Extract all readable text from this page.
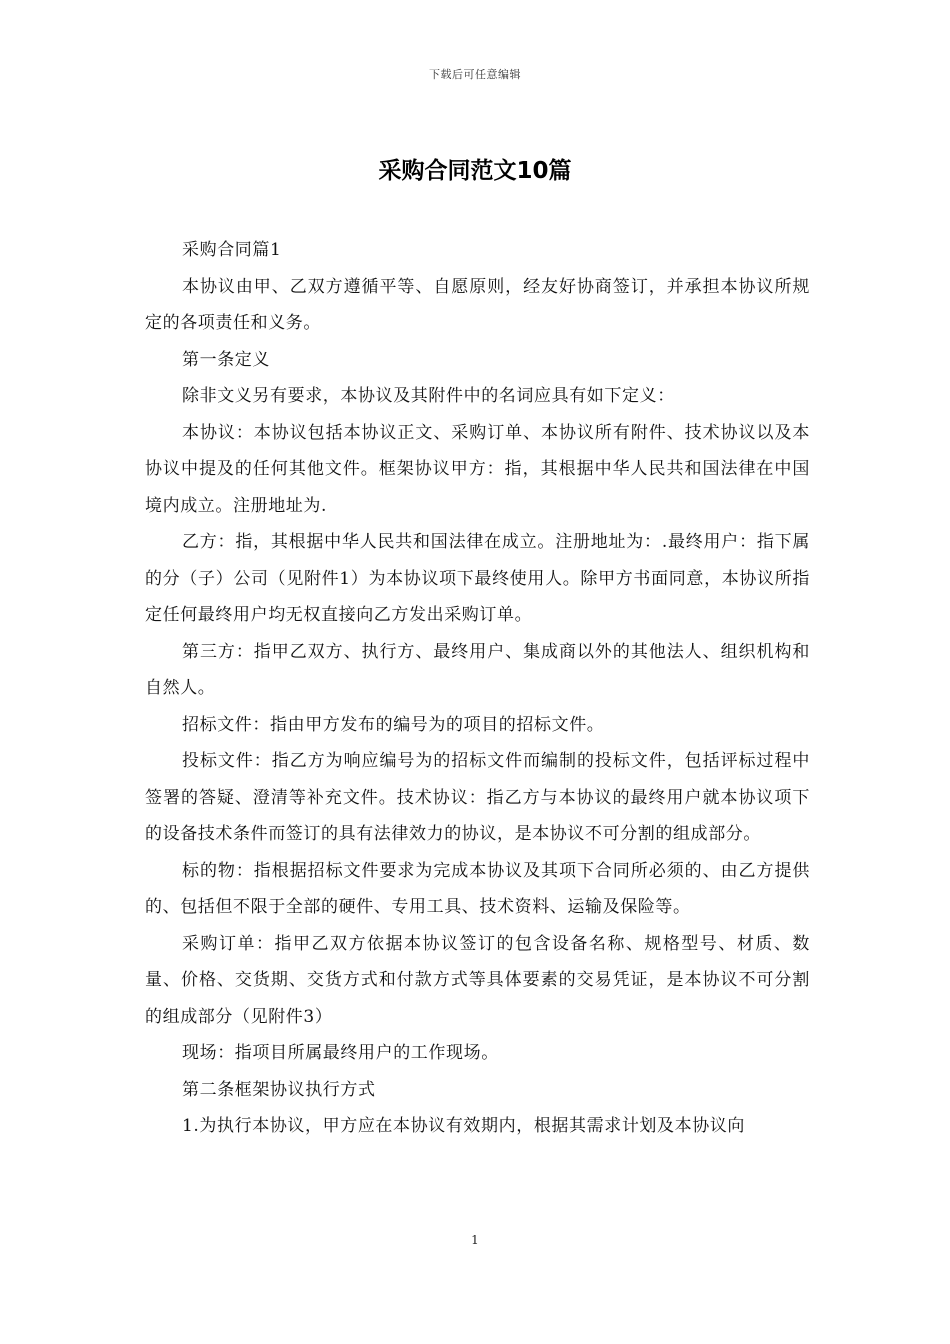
下载后可任意编辑
采购合同范文10篇

采购合同篇1

本协议由甲、乙双方遵循平等、自愿原则，经友好协商签订，并承担本协议所规定的各项责任和义务。

第一条定义

除非文义另有要求，本协议及其附件中的名词应具有如下定义：

本协议：本协议包括本协议正文、采购订单、本协议所有附件、技术协议以及本协议中提及的任何其他文件。框架协议甲方：指，其根据中华人民共和国法律在中国境内成立。注册地址为.

乙方：指，其根据中华人民共和国法律在成立。注册地址为：.最终用户：指下属的分（子）公司（见附件1）为本协议项下最终使用人。除甲方书面同意，本协议所指定任何最终用户均无权直接向乙方发出采购订单。

第三方：指甲乙双方、执行方、最终用户、集成商以外的其他法人、组织机构和自然人。

招标文件：指由甲方发布的编号为的项目的招标文件。

投标文件：指乙方为响应编号为的招标文件而编制的投标文件，包括评标过程中签署的答疑、澄清等补充文件。技术协议：指乙方与本协议的最终用户就本协议项下的设备技术条件而签订的具有法律效力的协议，是本协议不可分割的组成部分。

标的物：指根据招标文件要求为完成本协议及其项下合同所必须的、由乙方提供的、包括但不限于全部的硬件、专用工具、技术资料、运输及保险等。

采购订单：指甲乙双方依据本协议签订的包含设备名称、规格型号、材质、数量、价格、交货期、交货方式和付款方式等具体要素的交易凭证，是本协议不可分割的组成部分（见附件3）

现场：指项目所属最终用户的工作现场。

第二条框架协议执行方式

1.为执行本协议，甲方应在本协议有效期内，根据其需求计划及本协议向

1
